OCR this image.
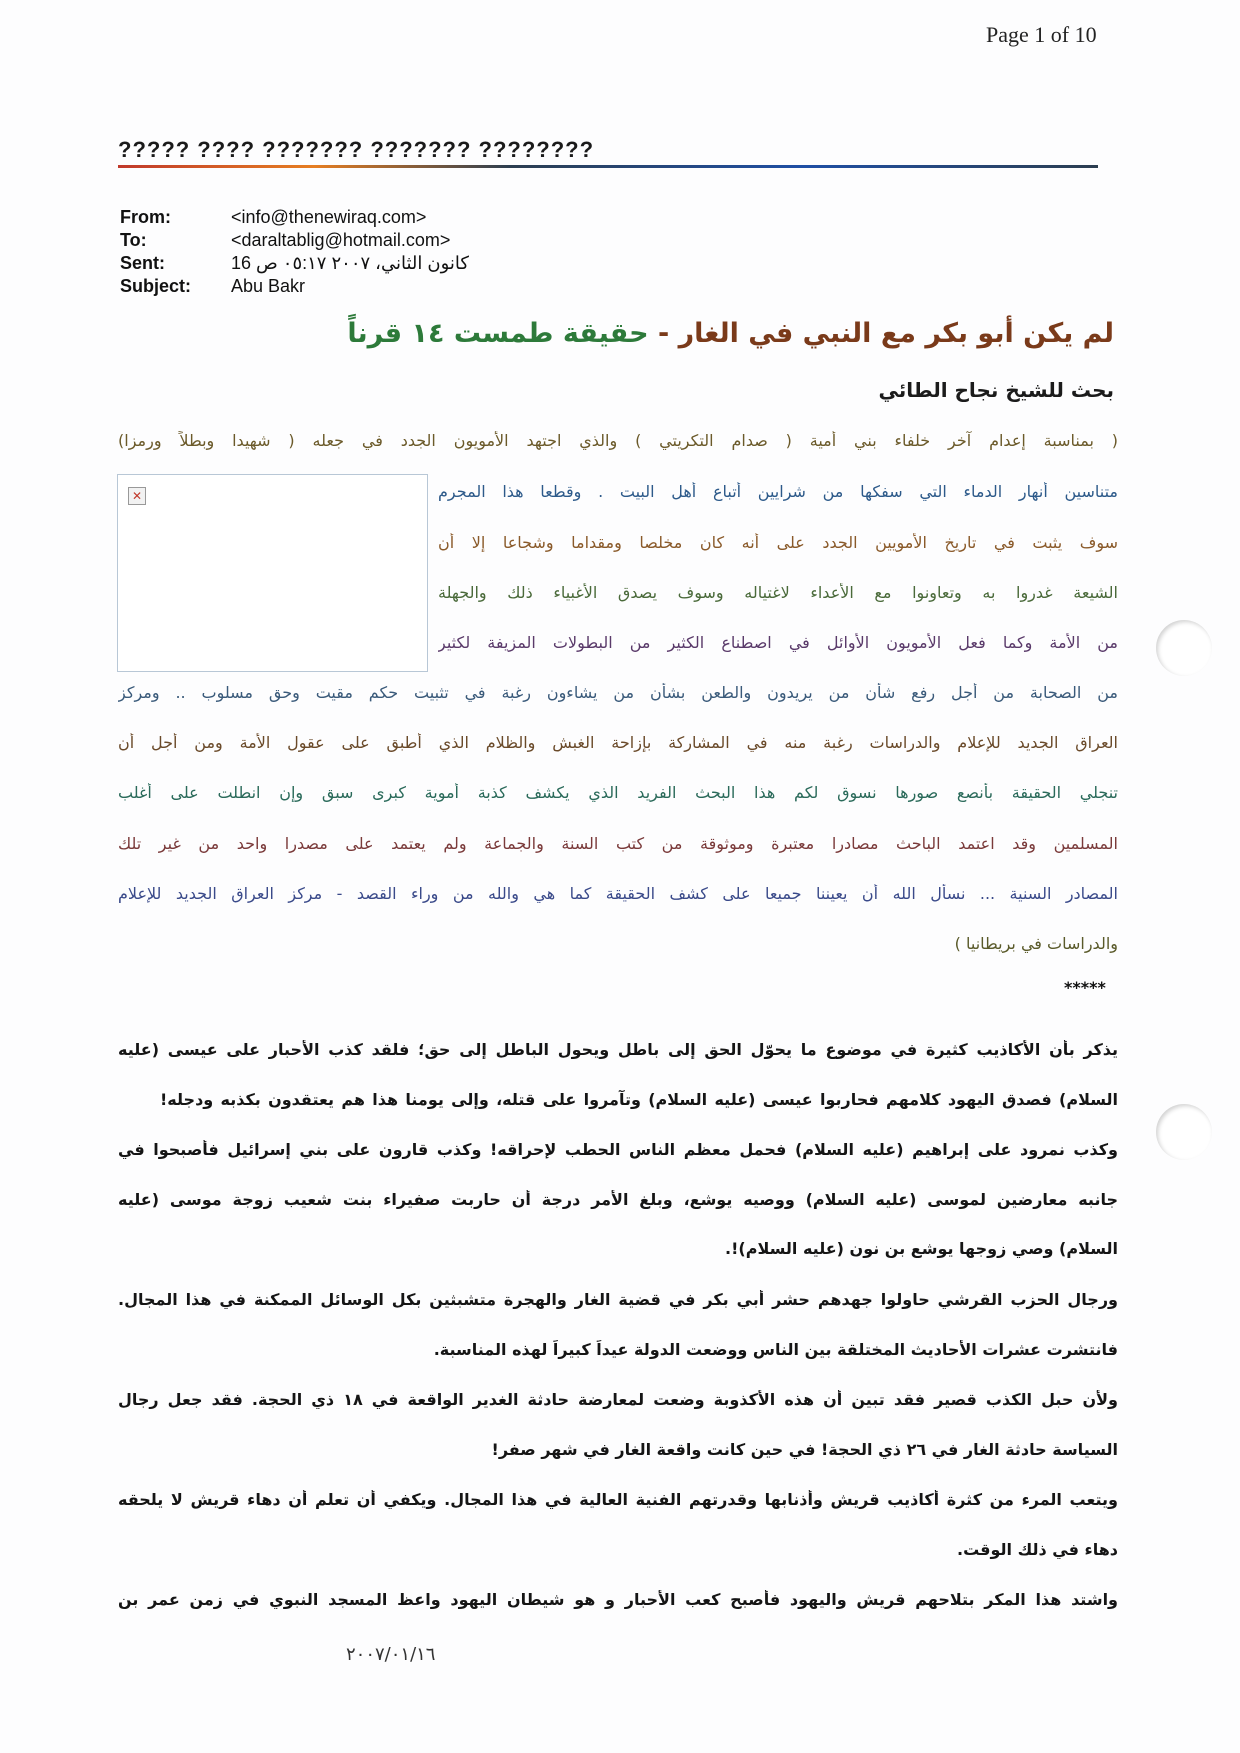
Page 1 of 10
????? ???? ??????? ??????? ????????
From:	<info@thenewiraq.com>
To:	<daraltablig@hotmail.com>
Sent:	كانون الثاني، ٢٠٠٧ ٠٥:١٧ ص 16
Subject:	Abu Bakr
لم يكن أبو بكر مع النبي في الغار - حقيقة طمست ١٤ قرناً
بحث للشيخ نجاح الطائي
✕
( بمناسبة إعدام آخر خلفاء بني أمية ( صدام التكريتي ) والذي اجتهد الأمويون الجدد في جعله ( شهيدا وبطلاً ورمزا)
متناسين أنهار الدماء التي سفكها من شرايين أتباع أهل البيت . وقطعا هذا المجرم
سوف يثبت في تاريخ الأمويين الجدد على أنه كان مخلصا ومقداما وشجاعا إلا أن
الشيعة غدروا به وتعاونوا مع الأعداء لاغتياله وسوف يصدق الأغبياء ذلك والجهلة
من الأمة وكما فعل الأمويون الأوائل في اصطناع الكثير من البطولات المزيفة لكثير
من الصحابة من أجل رفع شأن من يريدون والطعن بشأن من يشاءون رغبة في تثبيت حكم مقيت وحق مسلوب .. ومركز
العراق الجديد للإعلام والدراسات رغبة منه في المشاركة بإزاحة الغبش والظلام الذي أطبق على عقول الأمة ومن أجل أن
تنجلي الحقيقة بأنصع صورها نسوق لكم هذا البحث الفريد الذي يكشف كذبة أموية كبرى سبق وإن انطلت على أغلب
المسلمين وقد اعتمد الباحث مصادرا معتبرة وموثوقة من كتب السنة والجماعة ولم يعتمد على مصدرا واحد من غير تلك
المصادر السنية ... نسأل الله أن يعيننا جميعا على كشف الحقيقة كما هي والله من وراء القصد - مركز العراق الجديد للإعلام
والدراسات في بريطانيا )
*****
يذكر بأن الأكاذيب كثيرة في موضوع ما يحوّل الحق إلى باطل ويحول الباطل إلى حق؛ فلقد كذب الأحبار على عيسى (عليه
السلام) فصدق اليهود كلامهم فحاربوا عيسى (عليه السلام) وتآمروا على قتله، وإلى يومنا هذا هم يعتقدون بكذبه ودجله!
وكذب نمرود على إبراهيم (عليه السلام) فحمل معظم الناس الحطب لإحراقه! وكذب قارون على بني إسرائيل فأصبحوا في
جانبه معارضين لموسى (عليه السلام) ووصيه يوشع، وبلغ الأمر درجة أن حاربت صفيراء بنت شعيب زوجة موسى (عليه
السلام) وصي زوجها يوشع بن نون (عليه السلام)!.
ورجال الحزب القرشي حاولوا جهدهم حشر أبي بكر في قضية الغار والهجرة متشبثين بكل الوسائل الممكنة في هذا المجال.
فانتشرت عشرات الأحاديث المختلقة بين الناس ووضعت الدولة عيداً كبيراً لهذه المناسبة.
ولأن حبل الكذب قصير فقد تبين أن هذه الأكذوبة وضعت لمعارضة حادثة الغدير الواقعة في ١٨ ذي الحجة. فقد جعل رجال
السياسة حادثة الغار في ٢٦ ذي الحجة! في حين كانت واقعة الغار في شهر صفر!
ويتعب المرء من كثرة أكاذيب قريش وأذنابها وقدرتهم الفنية العالية في هذا المجال. ويكفي أن تعلم أن دهاء قريش لا يلحقه
دهاء في ذلك الوقت.
واشتد هذا المكر بتلاحهم قريش واليهود فأصبح كعب الأحبار و هو شيطان اليهود واعظ المسجد النبوي في زمن عمر بن
٢٠٠٧/٠١/١٦
